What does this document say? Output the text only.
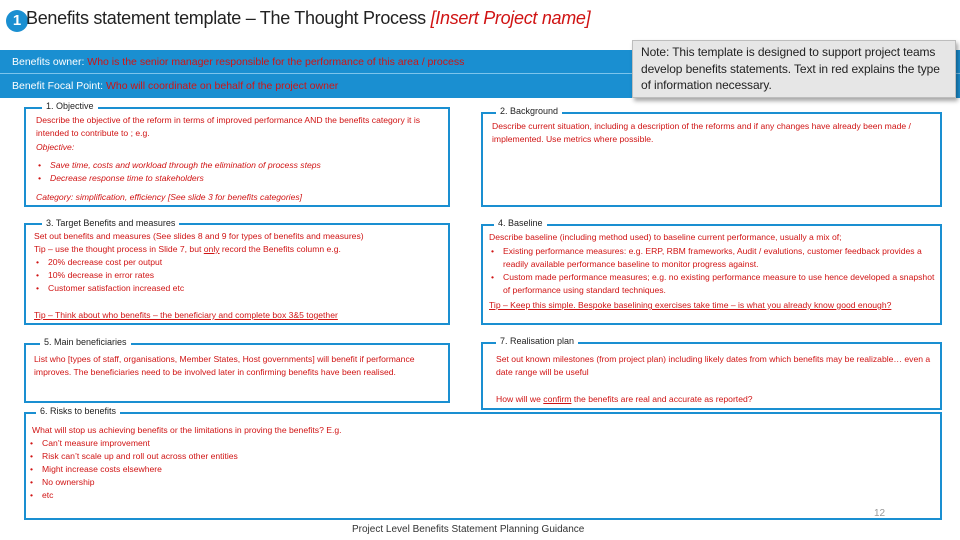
1 Benefits statement template – The Thought Process [Insert Project name]
Benefits owner: Who is the senior manager responsible for the performance of this area / process
Benefit Focal Point: Who will coordinate on behalf of the project owner
Note: This template is designed to support project teams develop benefits statements. Text in red explains the type of information necessary.
1. Objective
Describe the objective of the reform in terms of improved performance AND the benefits category it is intended to contribute to ; e.g.
Objective:
• Save time, costs and workload through the elimination of process steps
• Decrease response time to stakeholders
Category: simplification, efficiency [See slide 3 for benefits categories]
2. Background
Describe current situation, including a description of the reforms and if any changes have already been made / implemented. Use metrics where possible.
3. Target Benefits and measures
Set out benefits and measures (See slides 8 and 9 for types of benefits and measures)
Tip – use the thought process in Slide 7, but only record the Benefits column e.g.
• 20% decrease cost per output
• 10% decrease in error rates
• Customer satisfaction increased etc
Tip – Think about who benefits – the beneficiary and complete box 3&5 together
4. Baseline
Describe baseline (including method used) to baseline current performance, usually a mix of;
• Existing performance measures: e.g. ERP, RBM frameworks, Audit / evalutions, customer feedback provides a readily available performance baseline to monitor progress against.
• Custom made performance measures; e.g. no existing performance measure to use hence developed a snapshot of performance using standard techniques.
Tip – Keep this simple. Bespoke baselining exercises take time – is what you already know good enough?
5. Main beneficiaries
List who [types of staff, organisations, Member States, Host governments] will benefit if performance improves. The beneficiaries need to be involved later in confirming benefits have been realised.
7. Realisation plan
Set out known milestones (from project plan) including likely dates from which benefits may be realizable… even a date range will be useful
How will we confirm the benefits are real and accurate as reported?
6. Risks to benefits
What will stop us achieving benefits or the limitations in proving the benefits? E.g.
• Can’t measure improvement
• Risk can’t scale up and roll out across other entities
• Might increase costs elsewhere
• No ownership
• etc
12
Project Level Benefits Statement Planning Guidance
